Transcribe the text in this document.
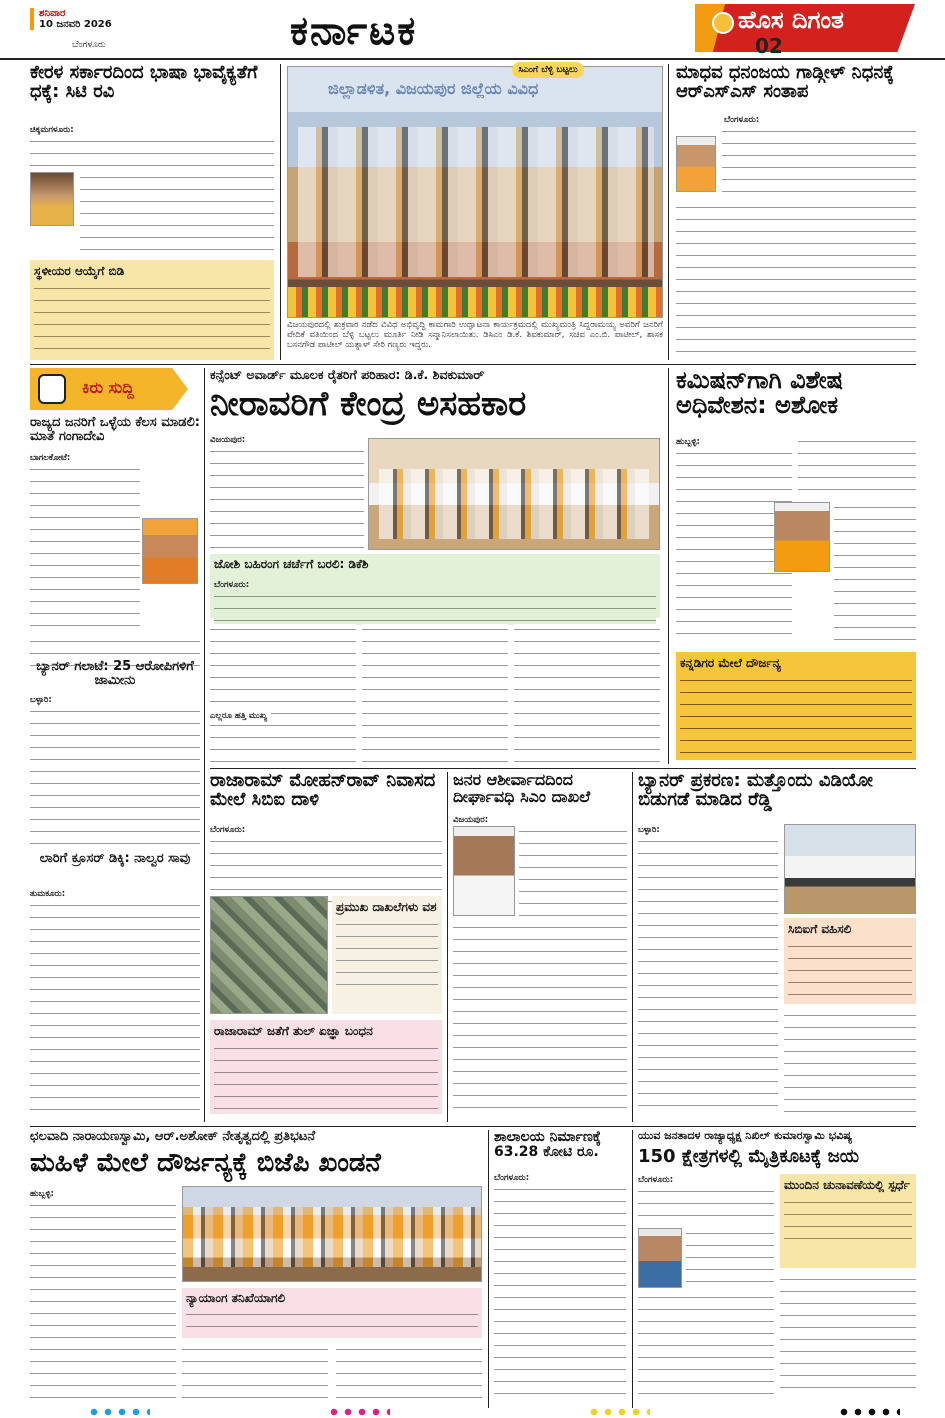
ಶನಿವಾರ
10 ಜನವರಿ 2026
ಬೆಂಗಳೂರು	ಕರ್ನಾಟಕ	ಹೊಸ ದಿಗಂತ
02
ಕೇರಳ ಸರ್ಕಾರದಿಂದ ಭಾಷಾ ಭಾವೈಕ್ಯತೆಗೆ ಧಕ್ಕೆ: ಸಿಟಿ ರವಿ
ಚಿಕ್ಕಮಗಳೂರು:
ಸ್ಥಳೀಯರ ಆಯ್ಕೆಗೆ ಬಿಡಿ
ಜಿಲ್ಲಾಡಳಿತ, ವಿಜಯಪುರ ಜಿಲ್ಲೆಯ ವಿವಿಧ
ಸಿಎಂಗೆ ಬೆಳ್ಳಿ ಬಟ್ಟಲು
ವಿಜಯಪುರದಲ್ಲಿ ಶುಕ್ರವಾರ ನಡೆದ ವಿವಿಧ ಅಭಿವೃದ್ಧಿ ಕಾಮಗಾರಿ ಉದ್ಘಾಟನಾ ಕಾರ್ಯಕ್ರಮದಲ್ಲಿ ಮುಖ್ಯಮಂತ್ರಿ ಸಿದ್ದರಾಮಯ್ಯ ಅವರಿಗೆ ಜನರಿಗೆ ವೇದಿಕೆ ವತಿಯಿಂದ ಬೆಳ್ಳಿ ಬಟ್ಟಲು ಮೂರ್ತಿ ನೀಡಿ ಸನ್ಮಾನಿಸಲಾಯಿತು. ಡಿಸಿಎಂ ಡಿ.ಕೆ. ಶಿವಕುಮಾರ್, ಸಚಿವ ಎಂ.ಬಿ. ಪಾಟೀಲ್, ಶಾಸಕ ಬಸನಗೌಡ ಪಾಟೀಲ್ ಯತ್ನಾಳ್ ಸೇರಿ ಗಣ್ಯರು ಇದ್ದರು.
ಮಾಧವ ಧನಂಜಯ ಗಾಡ್ಗೀಳ್ ನಿಧನಕ್ಕೆ ಆರ್‌ಎಸ್‌ಎಸ್ ಸಂತಾಪ
ಬೆಂಗಳೂರು:
ಕಿರು ಸುದ್ದಿ
ರಾಜ್ಯದ ಜನರಿಗೆ ಒಳ್ಳೆಯ ಕೆಲಸ ಮಾಡಲಿ: ಮಾತೆ ಗಂಗಾದೇವಿ
ಬಾಗಲಕೋಟೆ:
ಬ್ಯಾನರ್ ಗಲಾಟೆ: 25 ಆರೋಪಿಗಳಿಗೆ ಜಾಮೀನು
ಬಳ್ಳಾರಿ:
ಲಾರಿಗೆ ಕ್ರೂಸರ್ ಡಿಕ್ಕಿ: ನಾಲ್ವರ ಸಾವು
ತುಮಕೂರು:
ಕನ್ಸೆಂಟ್ ಅವಾರ್ಡ್ ಮೂಲಕ ರೈತರಿಗೆ ಪರಿಹಾರ: ಡಿ.ಕೆ. ಶಿವಕುಮಾರ್
ನೀರಾವರಿಗೆ ಕೇಂದ್ರ ಅಸಹಕಾರ
ವಿಜಯಪುರ:
ಜೋಶಿ ಬಹಿರಂಗ ಚರ್ಚೆಗೆ ಬರಲಿ: ಡಿಕೆಶಿ
ಬೆಂಗಳೂರು:
ಎಲ್ಲರೂ ಹತ್ತಿ ಮುಖ್ಯ
ಕಮಿಷನ್‌ಗಾಗಿ ವಿಶೇಷ ಅಧಿವೇಶನ: ಅಶೋಕ
ಹುಬ್ಬಳ್ಳಿ:
ಕನ್ನಡಿಗರ ಮೇಲೆ ದೌರ್ಜನ್ಯ
ರಾಜಾರಾಮ್ ಮೋಹನ್‌ರಾವ್ ನಿವಾಸದ ಮೇಲೆ ಸಿಬಿಐ ದಾಳಿ
ಬೆಂಗಳೂರು:
ಪ್ರಮುಖ ದಾಖಲೆಗಳು ವಶ
ರಾಜಾರಾಮ್ ಜತೆಗೆ ತುಲ್ ಏಜ್ಞಾ ಬಂಧನ
ಜನರ ಆಶೀರ್ವಾದದಿಂದ ದೀರ್ಘಾವಧಿ ಸಿಎಂ ದಾಖಲೆ
ವಿಜಯಪುರ:
ಬ್ಯಾನರ್ ಪ್ರಕರಣ: ಮತ್ತೊಂದು ವಿಡಿಯೋ ಬಿಡುಗಡೆ ಮಾಡಿದ ರೆಡ್ಡಿ
ಬಳ್ಳಾರಿ:
ಸಿಬಿಐಗೆ ವಹಿಸಲಿ
ಛಲವಾದಿ ನಾರಾಯಣಸ್ವಾಮಿ, ಆರ್.ಅಶೋಕ್ ನೇತೃತ್ವದಲ್ಲಿ ಪ್ರತಿಭಟನೆ
ಮಹಿಳೆ ಮೇಲೆ ದೌರ್ಜನ್ಯಕ್ಕೆ ಬಿಜೆಪಿ ಖಂಡನೆ
ಹುಬ್ಬಳ್ಳಿ:
ನ್ಯಾಯಾಂಗ ತನಿಖೆಯಾಗಲಿ
ಶಾಲಾಲಯ ನಿರ್ಮಾಣಕ್ಕೆ 63.28 ಕೋಟಿ ರೂ.
ಬೆಂಗಳೂರು:
ಯುವ ಜನತಾದಳ ರಾಜ್ಯಾಧ್ಯಕ್ಷ ನಿಖಿಲ್ ಕುಮಾರಸ್ವಾಮಿ ಭವಿಷ್ಯ
150 ಕ್ಷೇತ್ರಗಳಲ್ಲಿ ಮೈತ್ರಿಕೂಟಕ್ಕೆ ಜಯ
ಬೆಂಗಳೂರು:	ಮುಂದಿನ ಚುನಾವಣೆಯಲ್ಲಿ ಸ್ಪರ್ಧೆ
